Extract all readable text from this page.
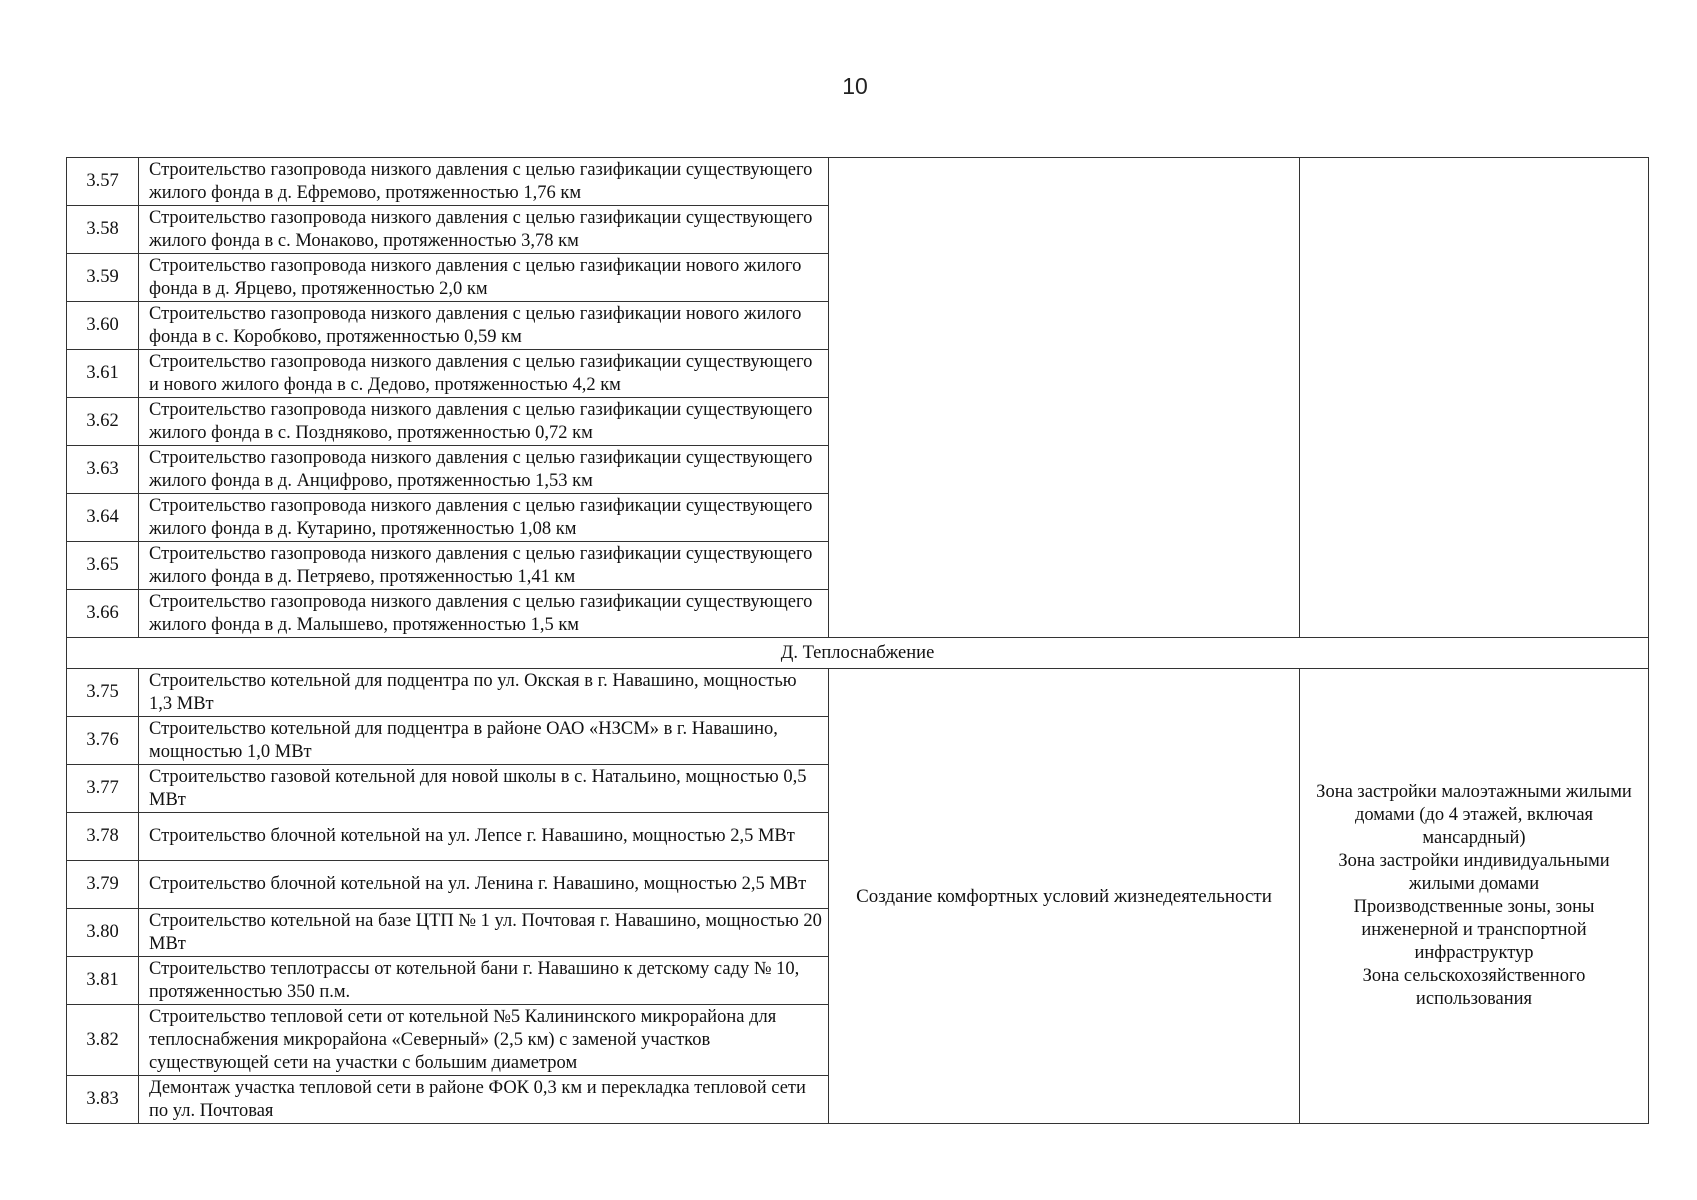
10
3.57	Строительство газопровода низкого давления с целью газификации существующего жилого фонда в д. Ефремово, протяженностью 1,76 км		
3.58	Строительство газопровода низкого давления с целью газификации существующего жилого фонда в с. Монаково, протяженностью 3,78 км		
3.59	Строительство газопровода низкого давления с целью газификации нового жилого фонда в д. Ярцево, протяженностью 2,0 км		
3.60	Строительство газопровода низкого давления с целью газификации нового жилого фонда в с. Коробково, протяженностью 0,59 км		
3.61	Строительство газопровода низкого давления с целью газификации существующего и нового жилого фонда в с. Дедово, протяженностью 4,2 км		
3.62	Строительство газопровода низкого давления с целью газификации существующего жилого фонда в с. Поздняково, протяженностью 0,72 км		
3.63	Строительство газопровода низкого давления с целью газификации существующего жилого фонда в д. Анцифрово, протяженностью 1,53 км		
3.64	Строительство газопровода низкого давления с целью газификации существующего жилого фонда в д. Кутарино, протяженностью 1,08 км		
3.65	Строительство газопровода низкого давления с целью газификации существующего жилого фонда в д. Петряево, протяженностью 1,41 км		
3.66	Строительство газопровода низкого давления с целью газификации существующего жилого фонда в д. Малышево, протяженностью 1,5 км		
Д. Теплоснабжение			
3.75	Строительство котельной для подцентра по ул. Окская в г. Навашино, мощностью 1,3 МВт	Создание комфортных условий жизнедеятельности	Зона застройки малоэтажными жилыми домами (до 4 этажей, включая мансардный)
Зона застройки индивидуальными жилыми домами
Производственные зоны, зоны инженерной и транспортной инфраструктур
Зона сельскохозяйственного использования

3.76	Строительство котельной для подцентра в районе ОАО «НЗСМ» в г. Навашино, мощностью 1,0 МВт		
3.77	Строительство газовой котельной для новой школы в с. Натальино, мощностью 0,5 МВт		
3.78	Строительство блочной котельной на ул. Лепсе г. Навашино, мощностью 2,5 МВт		
3.79	Строительство блочной котельной на ул. Ленина г. Навашино, мощностью 2,5 МВт		
3.80	Строительство котельной на базе ЦТП № 1 ул. Почтовая г. Навашино, мощностью 20 МВт		
3.81	Строительство теплотрассы от котельной бани г. Навашино к детскому саду № 10, протяженностью 350 п.м.		
3.82	Строительство тепловой сети от котельной №5 Калининского микрорайона для теплоснабжения микрорайона «Северный» (2,5 км) с заменой участков существующей сети на участки с большим диаметром		
3.83	Демонтаж участка тепловой сети в районе ФОК 0,3 км и перекладка тепловой сети по ул. Почтовая		
